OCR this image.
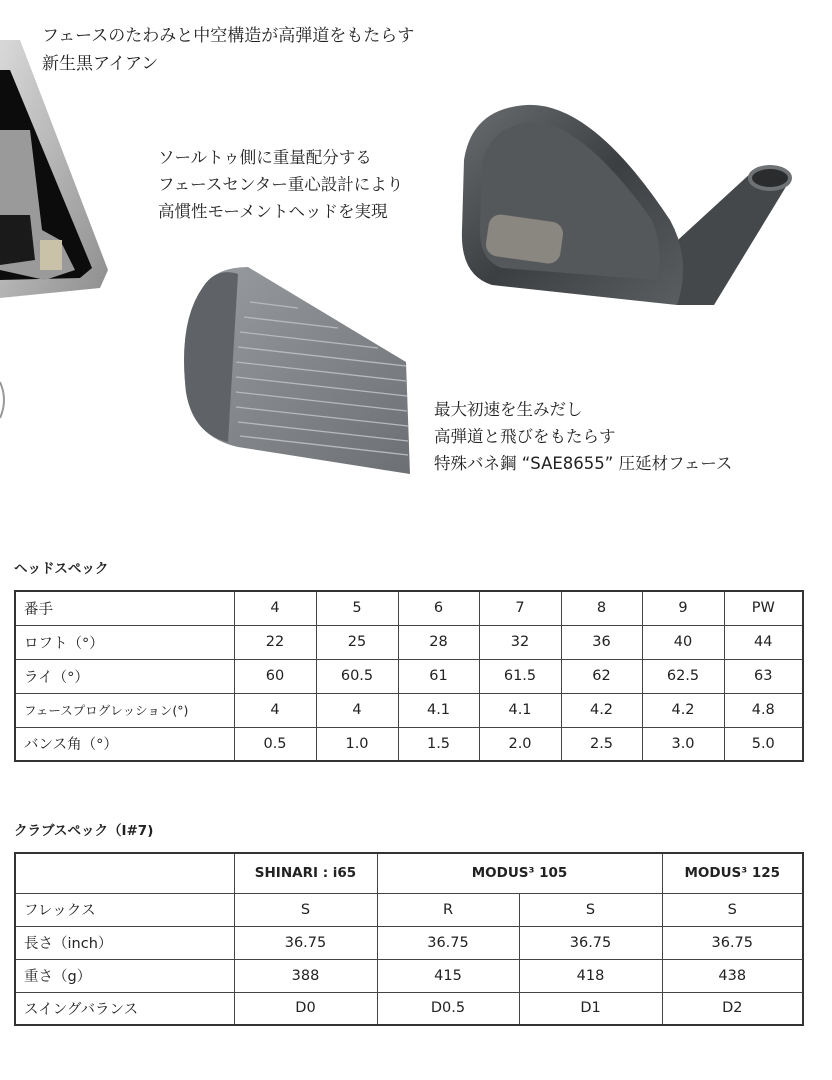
フェースのたわみと中空構造が高弾道をもたらす
新生黒アイアン
ソールトゥ側に重量配分する
フェースセンター重心設計により
高慣性モーメントヘッドを実現
最大初速を生みだし
高弾道と飛びをもたらす
特殊バネ鋼 “SAE8655” 圧延材フェース
ヘッドスペック
番手	4	5	6	7	8	9	PW
ロフト（°）	22	25	28	32	36	40	44
ライ（°）	60	60.5	61	61.5	62	62.5	63
フェースプログレッション(°)	4	4	4.1	4.1	4.2	4.2	4.8
バンス角（°）	0.5	1.0	1.5	2.0	2.5	3.0	5.0
クラブスペック（I#7)
	SHINARI : i65	MODUS³ 105		MODUS³ 125
フレックス	S	R	S	S
長さ（inch）	36.75	36.75	36.75	36.75
重さ（g）	388	415	418	438
スイングバランス	D0	D0.5	D1	D2
